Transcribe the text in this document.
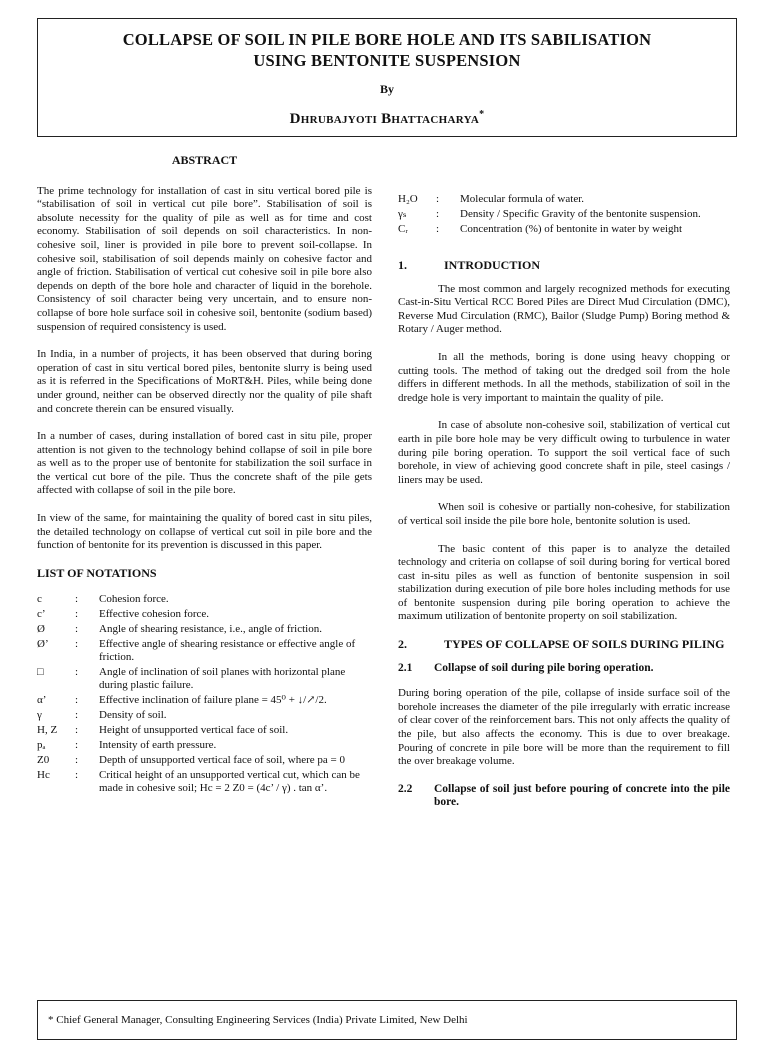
COLLAPSE OF SOIL IN PILE BORE HOLE AND ITS SABILISATION
USING BENTONITE SUSPENSION
By
Dhrubajyoti Bhattacharya*
ABSTRACT

The prime technology for installation of cast in situ vertical bored pile is “stabilisation of soil in vertical cut pile bore”. Stabilisation of soil is absolute necessity for the quality of pile as well as for time and cost economy. Stabilisation of soil depends on soil characteristics. In non-cohesive soil, liner is provided in pile bore to prevent soil-collapse. In cohesive soil, stabilisation of soil depends mainly on cohesive factor and angle of friction. Stabilisation of vertical cut cohesive soil in pile bore also depends on depth of the bore hole and character of liquid in the borehole. Consistency of soil character being very uncertain, and to ensure non-collapse of bore hole surface soil in cohesive soil, bentonite (sodium based) suspension of required consistency is used.

In India, in a number of projects, it has been observed that during boring operation of cast in situ vertical bored piles, bentonite slurry is being used as it is referred in the Specifications of MoRT&H. Piles, while being done under ground, neither can be observed directly nor the quality of pile shaft and concrete therein can be ensured visually.

In a number of cases, during installation of bored cast in situ pile, proper attention is not given to the technology behind collapse of soil in pile bore as well as to the proper use of bentonite for stabilization the soil surface in the vertical cut bore of the pile. Thus the concrete shaft of the pile gets affected with collapse of soil in the pile bore.

In view of the same, for maintaining the quality of bored cast in situ piles, the detailed technology on collapse of vertical cut soil in pile bore and the function of bentonite for its prevention is discussed in this paper.

LIST OF NOTATIONS
c	:	Cohesion force.
c’	:	Effective cohesion force.
Ø	:	Angle of shearing resistance, i.e., angle of friction.
Ø’	:	Effective angle of shearing resistance or effective angle of friction.
□	:	Angle of inclination of soil planes with horizontal plane during plastic failure.
α’	:	Effective inclination of failure plane = 45⁰ + ↓/↗/2.
γ	:	Density of soil.
H, Z	:	Height of unsupported vertical face of soil.
pₐ	:	Intensity of earth pressure.
Z0	:	Depth of unsupported vertical face of soil, where pa = 0
Hc	:	Critical height of an unsupported vertical cut, which can be made in cohesive soil; Hc = 2 Z0 = (4c’ / γ) . tan α’.
H₂O	:	Molecular formula of water.
γₛ	:	Density / Specific Gravity of the bentonite suspension.
Cᵣ	:	Concentration (%) of bentonite in water by weight
1.	INTRODUCTION

The most common and largely recognized methods for executing Cast-in-Situ Vertical RCC Bored Piles are Direct Mud Circulation (DMC), Reverse Mud Circulation (RMC), Bailor (Sludge Pump) Boring method & Rotary / Auger method.

In all the methods, boring is done using heavy chopping or cutting tools. The method of taking out the dredged soil from the hole differs in different methods. In all the methods, stabilization of soil in the dredge hole is very important to maintain the quality of pile.

In case of absolute non-cohesive soil, stabilization of vertical cut earth in pile bore hole may be very difficult owing to turbulence in water during pile boring operation. To support the soil vertical face of such borehole, in view of achieving good concrete shaft in pile, steel casings / liners may be used.

When soil is cohesive or partially non-cohesive, for stabilization of vertical soil inside the pile bore hole, bentonite solution is used.

The basic content of this paper is to analyze the detailed technology and criteria on collapse of soil during boring for vertical bored cast in-situ piles as well as function of bentonite suspension in soil stabilization during execution of pile bore holes including methods for use of bentonite suspension during pile boring operation to achieve the maximum utilization of bentonite property on soil stabilization.

2.	TYPES OF COLLAPSE OF SOILS DURING PILING
2.1	Collapse of soil during pile boring operation.

During boring operation of the pile, collapse of inside surface soil of the borehole increases the diameter of the pile irregularly with erratic increase of clear cover of the reinforcement bars. This not only affects the quality of the pile, but also affects the economy. This is due to over breakage. Pouring of concrete in pile bore will be more than the requirement to fill the over breakage volume.

2.2	Collapse of soil just before pouring of concrete into the pile bore.
* Chief General Manager, Consulting Engineering Services (India) Private Limited, New Delhi
